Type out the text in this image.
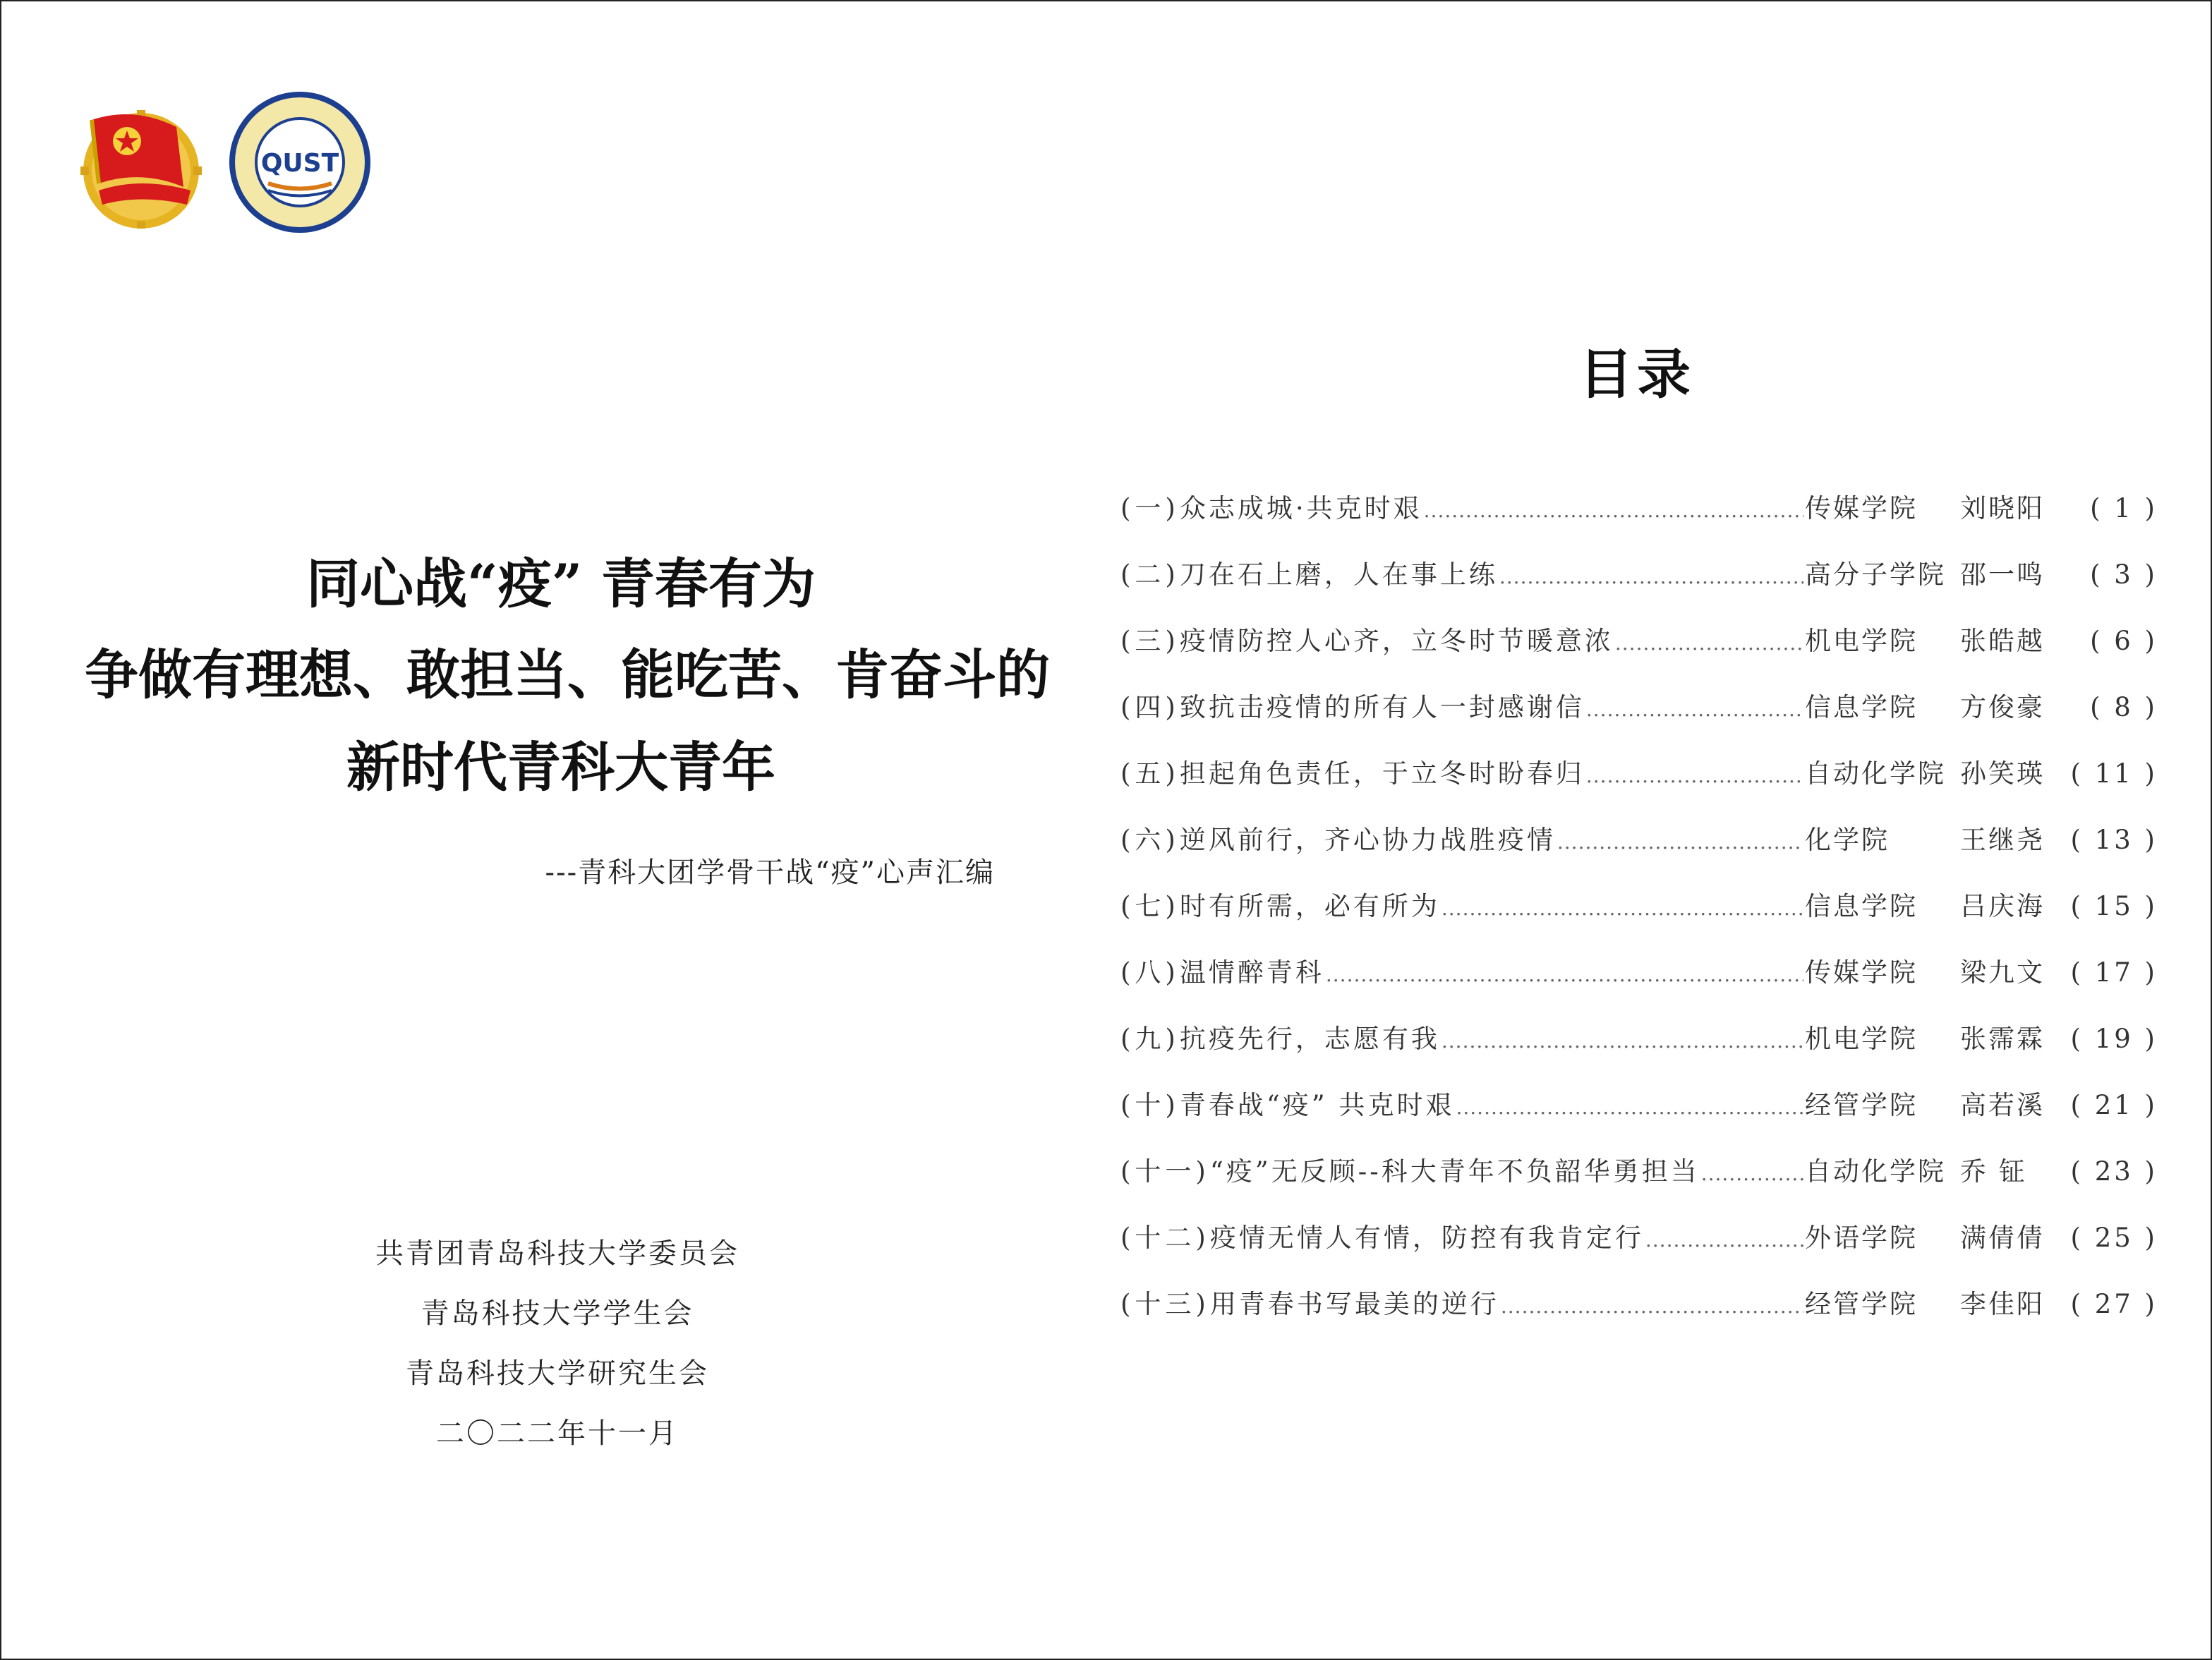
QUST
同心战“疫” 青春有为
争做有理想、敢担当、能吃苦、肯奋斗的
新时代青科大青年
---青科大团学骨干战“疫”心声汇编
共青团青岛科技大学委员会
青岛科技大学学生会
青岛科技大学研究生会
二〇二二年十一月
目录
(一) 众志成城·共克时艰 .....	传媒学院	刘晓阳	( 1 )
(二) 刀在石上磨，人在事上练 .....	高分子学院 邵一鸣	( 3 )
(三) 疫情防控人心齐，立冬时节暖意浓 .....	机电学院	张皓越	( 6 )
(四) 致抗击疫情的所有人一封感谢信 .....	信息学院	方俊豪	( 8 )
(五) 担起角色责任，于立冬时盼春归 .....	自动化学院 孙笑瑛 ( 11 )
(六) 逆风前行，齐心协力战胜疫情 .....	化学院	王继尧 ( 13 )
(七) 时有所需，必有所为 .....	信息学院	吕庆海 ( 15 )
(八) 温情醉青科 .....	传媒学院	梁九文 ( 17 )
(九) 抗疫先行，志愿有我 .....	机电学院	张霈霖 ( 19 )
(十) 青春战“疫” 共克时艰 .....	经管学院	高若溪 ( 21 )
(十一) “疫”无反顾--科大青年不负韶华勇担当 .....	自动化学院 乔 钲	( 23 )
(十二) 疫情无情人有情，防控有我肯定行 .....	外语学院	满倩倩 ( 25 )
(十三) 用青春书写最美的逆行 .....	经管学院	李佳阳 ( 27 )
